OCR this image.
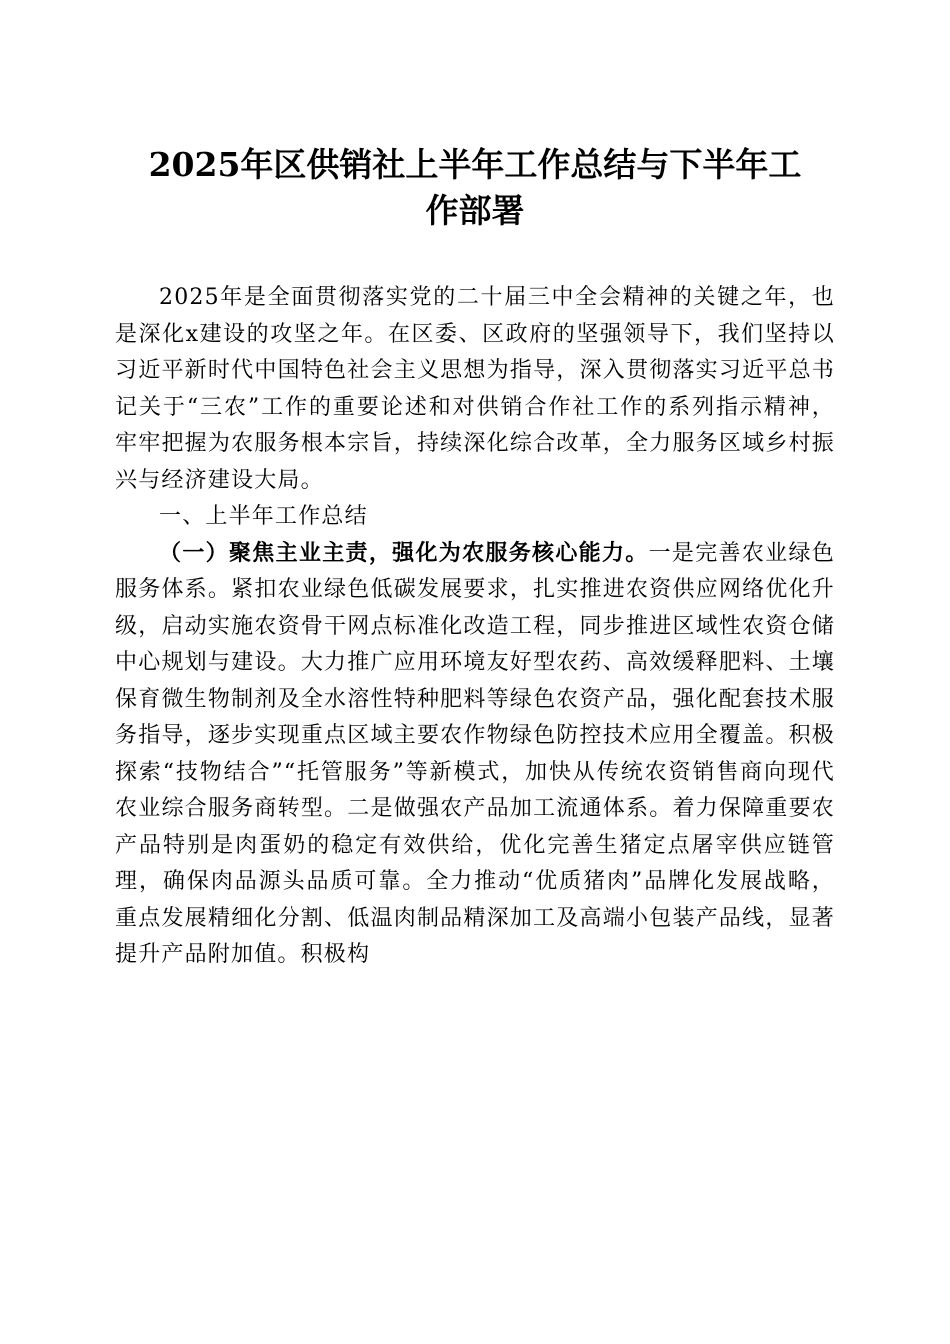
2025年区供销社上半年工作总结与下半年工
作部署

2025年是全面贯彻落实党的二十届三中全会精神的关键之年，也是深化x建设的攻坚之年。在区委、区政府的坚强领导下，我们坚持以习近平新时代中国特色社会主义思想为指导，深入贯彻落实习近平总书记关于“三农”工作的重要论述和对供销合作社工作的系列指示精神，牢牢把握为农服务根本宗旨，持续深化综合改革，全力服务区域乡村振兴与经济建设大局。

一、上半年工作总结

（一）聚焦主业主责，强化为农服务核心能力。一是完善农业绿色服务体系。紧扣农业绿色低碳发展要求，扎实推进农资供应网络优化升级，启动实施农资骨干网点标准化改造工程，同步推进区域性农资仓储中心规划与建设。大力推广应用环境友好型农药、高效缓释肥料、土壤保育微生物制剂及全水溶性特种肥料等绿色农资产品，强化配套技术服务指导，逐步实现重点区域主要农作物绿色防控技术应用全覆盖。积极探索“技物结合”“托管服务”等新模式，加快从传统农资销售商向现代农业综合服务商转型。二是做强农产品加工流通体系。着力保障重要农产品特别是肉蛋奶的稳定有效供给，优化完善生猪定点屠宰供应链管理，确保肉品源头品质可靠。全力推动“优质猪肉”品牌化发展战略，重点发展精细化分割、低温肉制品精深加工及高端小包装产品线，显著提升产品附加值。积极构
